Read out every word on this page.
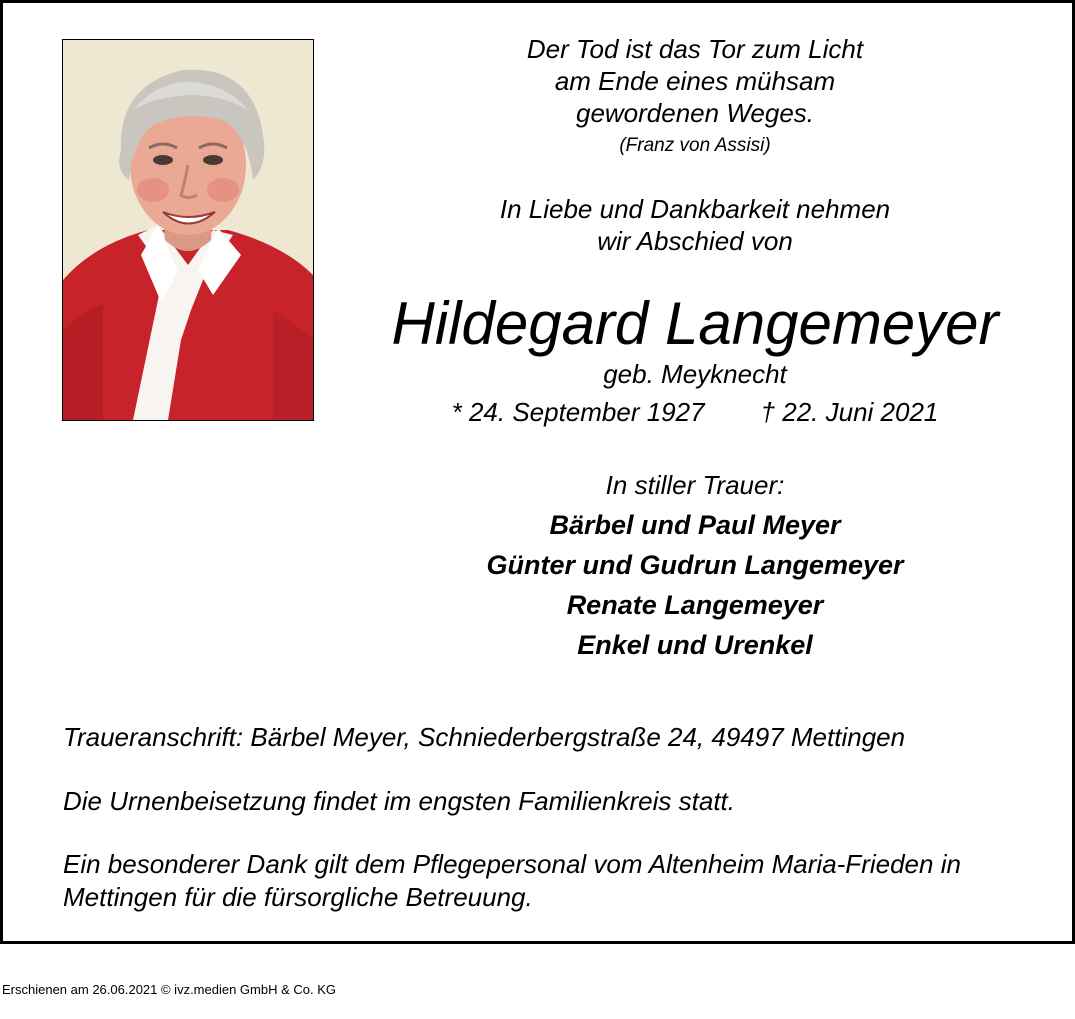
Der Tod ist das Tor zum Licht
am Ende eines mühsam
gewordenen Weges.
(Franz von Assisi)
In Liebe und Dankbarkeit nehmen
wir Abschied von
Hildegard Langemeyer
geb. Meyknecht
* 24. September 1927 † 22. Juni 2021
In stiller Trauer:
Bärbel und Paul Meyer
Günter und Gudrun Langemeyer
Renate Langemeyer
Enkel und Urenkel
Traueranschrift: Bärbel Meyer, Schniederbergstraße 24, 49497 Mettingen
Die Urnenbeisetzung findet im engsten Familienkreis statt.
Ein besonderer Dank gilt dem Pflegepersonal vom Altenheim Maria-Frieden in
Mettingen für die fürsorgliche Betreuung.
Erschienen am 26.06.2021 © ivz.medien GmbH & Co. KG
